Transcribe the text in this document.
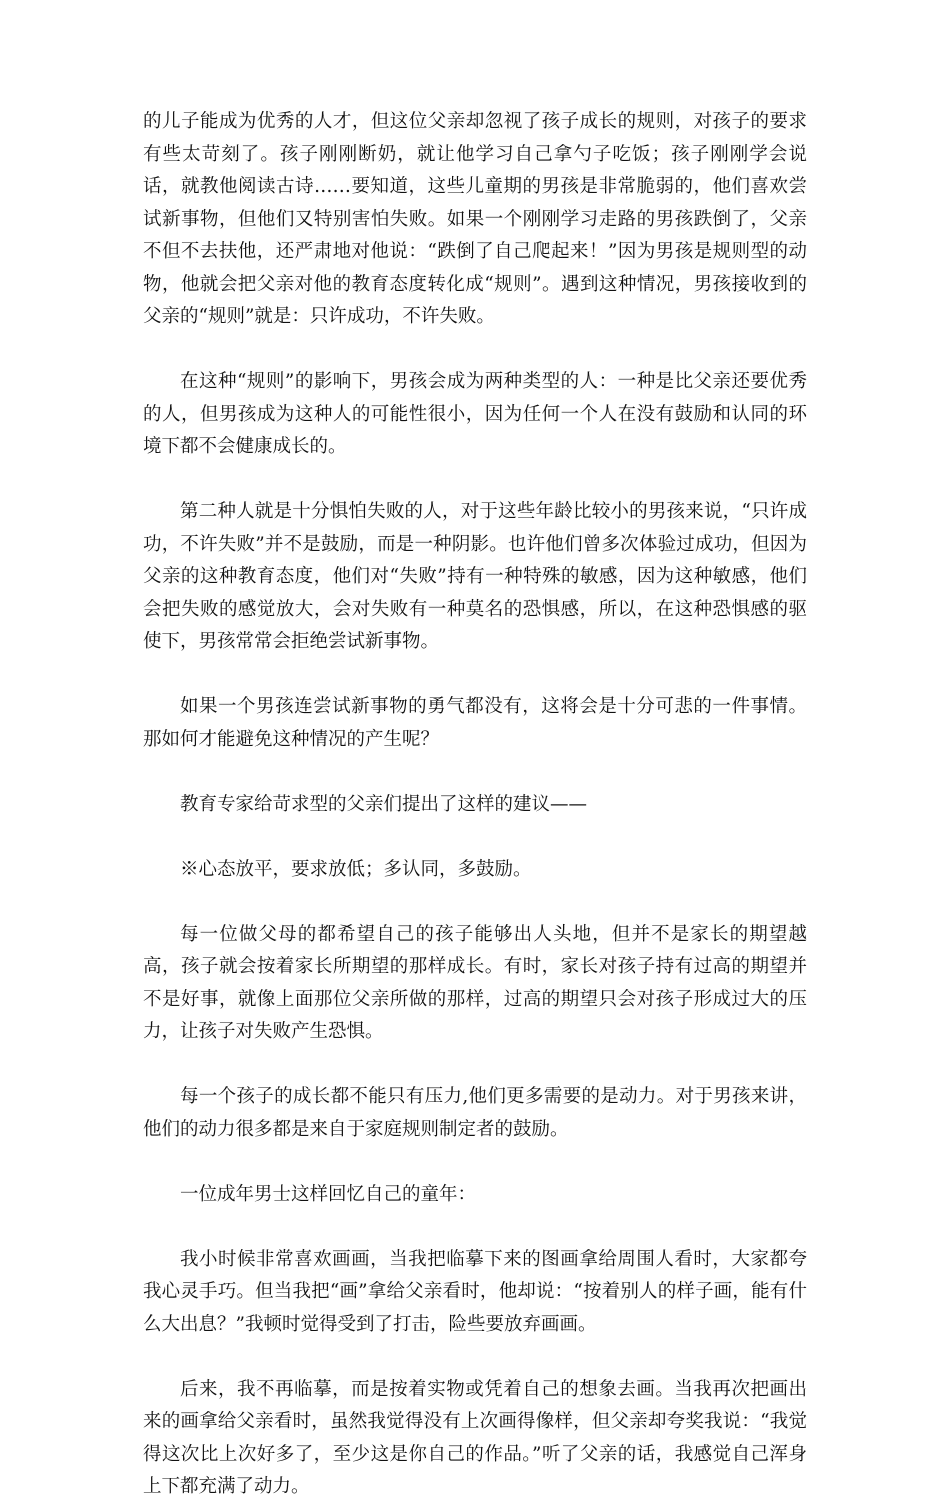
的儿子能成为优秀的人才，但这位父亲却忽视了孩子成长的规则，对孩子的要求有些太苛刻了。孩子刚刚断奶，就让他学习自己拿勺子吃饭；孩子刚刚学会说话，就教他阅读古诗……要知道，这些儿童期的男孩是非常脆弱的，他们喜欢尝试新事物，但他们又特别害怕失败。如果一个刚刚学习走路的男孩跌倒了，父亲不但不去扶他，还严肃地对他说：“跌倒了自己爬起来！”因为男孩是规则型的动物，他就会把父亲对他的教育态度转化成“规则”。遇到这种情况，男孩接收到的父亲的“规则”就是：只许成功，不许失败。

在这种“规则”的影响下，男孩会成为两种类型的人：一种是比父亲还要优秀的人，但男孩成为这种人的可能性很小，因为任何一个人在没有鼓励和认同的环境下都不会健康成长的。

第二种人就是十分惧怕失败的人，对于这些年龄比较小的男孩来说，“只许成功，不许失败”并不是鼓励，而是一种阴影。也许他们曾多次体验过成功，但因为父亲的这种教育态度，他们对“失败”持有一种特殊的敏感，因为这种敏感，他们会把失败的感觉放大，会对失败有一种莫名的恐惧感，所以，在这种恐惧感的驱使下，男孩常常会拒绝尝试新事物。

如果一个男孩连尝试新事物的勇气都没有，这将会是十分可悲的一件事情。那如何才能避免这种情况的产生呢？

教育专家给苛求型的父亲们提出了这样的建议——

※心态放平，要求放低；多认同，多鼓励。

每一位做父母的都希望自己的孩子能够出人头地，但并不是家长的期望越高，孩子就会按着家长所期望的那样成长。有时，家长对孩子持有过高的期望并不是好事，就像上面那位父亲所做的那样，过高的期望只会对孩子形成过大的压力，让孩子对失败产生恐惧。

每一个孩子的成长都不能只有压力,他们更多需要的是动力。对于男孩来讲，他们的动力很多都是来自于家庭规则制定者的鼓励。

一位成年男士这样回忆自己的童年：

我小时候非常喜欢画画，当我把临摹下来的图画拿给周围人看时，大家都夸我心灵手巧。但当我把“画”拿给父亲看时，他却说：“按着别人的样子画，能有什么大出息？”我顿时觉得受到了打击，险些要放弃画画。

后来，我不再临摹，而是按着实物或凭着自己的想象去画。当我再次把画出来的画拿给父亲看时，虽然我觉得没有上次画得像样，但父亲却夸奖我说：“我觉得这次比上次好多了，至少这是你自己的作品。”听了父亲的话，我感觉自己浑身上下都充满了动力。
